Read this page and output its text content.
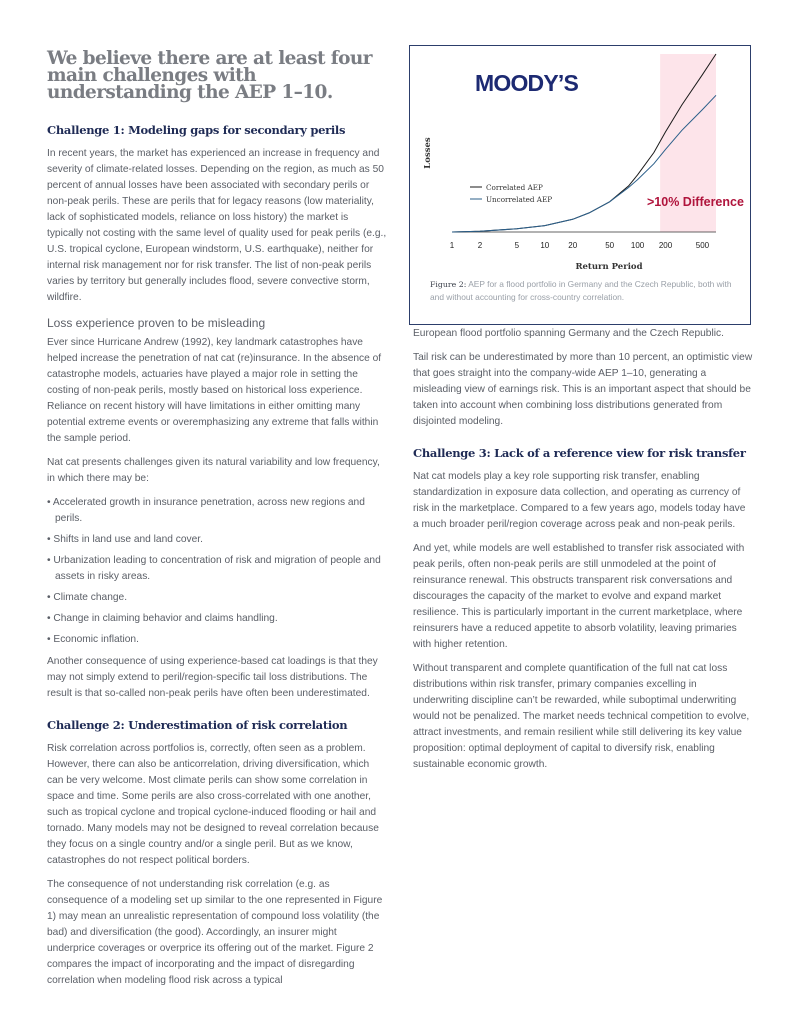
We believe there are at least four main challenges with understanding the AEP 1–10.
Challenge 1: Modeling gaps for secondary perils

In recent years, the market has experienced an increase in frequency and severity of climate-related losses. Depending on the region, as much as 50 percent of annual losses have been associated with secondary perils or non-peak perils. These are perils that for legacy reasons (low materiality, lack of sophisticated models, reliance on loss history) the market is typically not costing with the same level of quality used for peak perils (e.g., U.S. tropical cyclone, European windstorm, U.S. earthquake), neither for internal risk management nor for risk transfer. The list of non-peak perils varies by territory but generally includes flood, severe convective storm, wildfire.

Loss experience proven to be misleading

Ever since Hurricane Andrew (1992), key landmark catastrophes have helped increase the penetration of nat cat (re)insurance. In the absence of catastrophe models, actuaries have played a major role in setting the costing of non-peak perils, mostly based on historical loss experience. Reliance on recent history will have limitations in either omitting many potential extreme events or overemphasizing any extreme that falls within the sample period.

Nat cat presents challenges given its natural variability and low frequency, in which there may be:

• Accelerated growth in insurance penetration, across new regions and perils.
• Shifts in land use and land cover.
• Urbanization leading to concentration of risk and migration of people and assets in risky areas.
• Climate change.
• Change in claiming behavior and claims handling.
• Economic inflation.

Another consequence of using experience-based cat loadings is that they may not simply extend to peril/region-specific tail loss distributions. The result is that so-called non-peak perils have often been underestimated.

Challenge 2: Underestimation of risk correlation

Risk correlation across portfolios is, correctly, often seen as a problem. However, there can also be anticorrelation, driving diversification, which can be very welcome. Most climate perils can show some correlation in space and time. Some perils are also cross-correlated with one another, such as tropical cyclone and tropical cyclone-induced flooding or hail and tornado. Many models may not be designed to reveal correlation because they focus on a single country and/or a single peril. But as we know, catastrophes do not respect political borders.

The consequence of not understanding risk correlation (e.g. as consequence of a modeling set up similar to the one represented in Figure 1) may mean an unrealistic representation of compound loss volatility (the bad) and diversification (the good). Accordingly, an insurer might underprice coverages or overprice its offering out of the market. Figure 2 compares the impact of incorporating and the impact of disregarding correlation when modeling flood risk across a typical

1	2	5	10 20	50 100 200	500
Return Period
Losses
Correlated AEP
Uncorrelated AEP
MOODY’S
>10% Difference
Figure 2: AEP for a flood portfolio in Germany and the Czech Republic, both with and without accounting for cross-country correlation.

European flood portfolio spanning Germany and the Czech Republic.

Tail risk can be underestimated by more than 10 percent, an optimistic view that goes straight into the company-wide AEP 1–10, generating a misleading view of earnings risk. This is an important aspect that should be taken into account when combining loss distributions generated from disjointed modeling.

Challenge 3: Lack of a reference view for risk transfer

Nat cat models play a key role supporting risk transfer, enabling standardization in exposure data collection, and operating as currency of risk in the marketplace. Compared to a few years ago, models today have a much broader peril/region coverage across peak and non-peak perils.

And yet, while models are well established to transfer risk associated with peak perils, often non-peak perils are still unmodeled at the point of reinsurance renewal. This obstructs transparent risk conversations and discourages the capacity of the market to evolve and expand market resilience. This is particularly important in the current marketplace, where reinsurers have a reduced appetite to absorb volatility, leaving primaries with higher retention.

Without transparent and complete quantification of the full nat cat loss distributions within risk transfer, primary companies excelling in underwriting discipline can’t be rewarded, while suboptimal underwriting would not be penalized. The market needs technical competition to evolve, attract investments, and remain resilient while still delivering its key value proposition: optimal deployment of capital to diversify risk, enabling sustainable economic growth.
